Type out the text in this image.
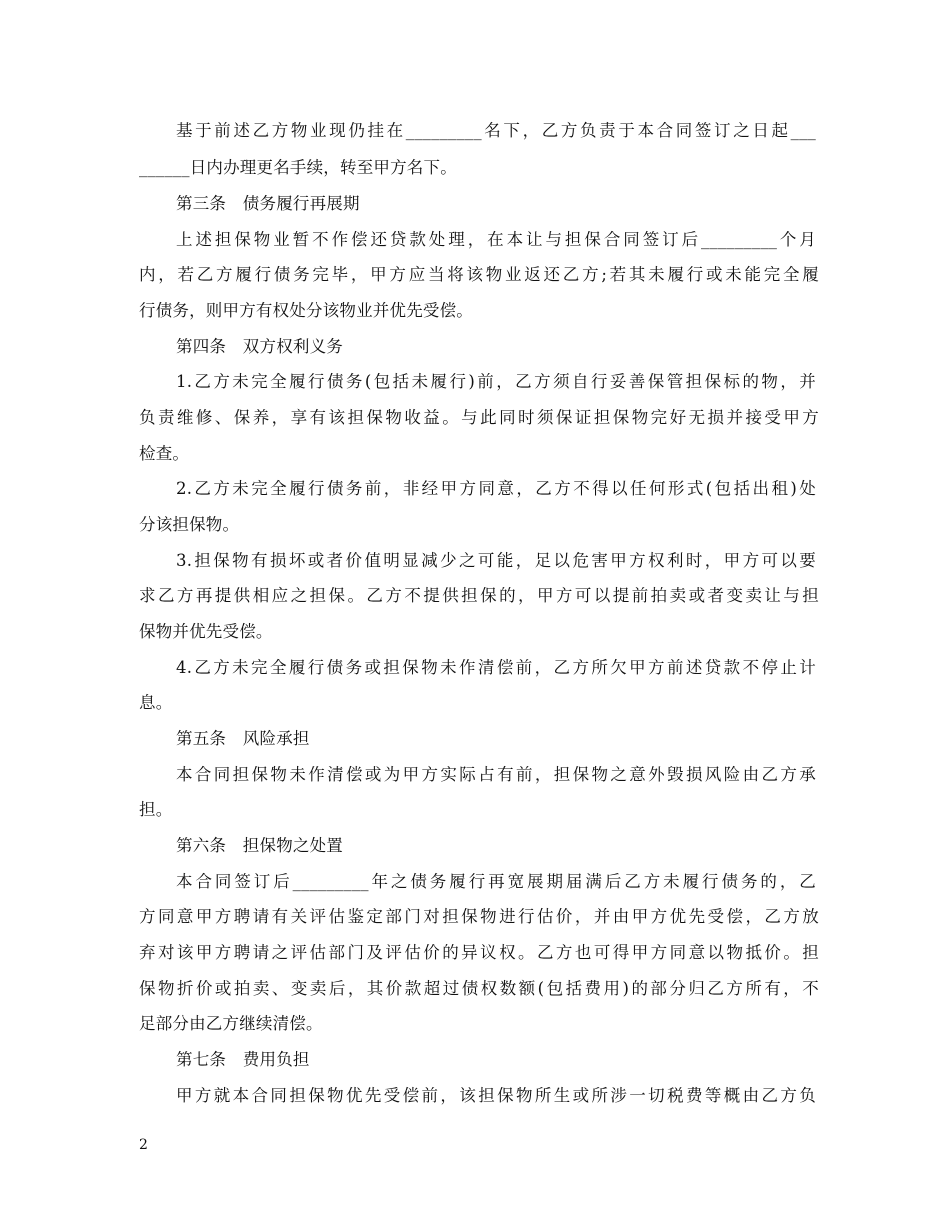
基于前述乙方物业现仍挂在_________名下，乙方负责于本合同签订之日起___
______日内办理更名手续，转至甲方名下。
第三条　债务履行再展期
上述担保物业暂不作偿还贷款处理，在本让与担保合同签订后_________个月
内，若乙方履行债务完毕，甲方应当将该物业返还乙方;若其未履行或未能完全履
行债务，则甲方有权处分该物业并优先受偿。
第四条　双方权利义务
1.乙方未完全履行债务(包括未履行)前，乙方须自行妥善保管担保标的物，并
负责维修、保养，享有该担保物收益。与此同时须保证担保物完好无损并接受甲方
检查。
2.乙方未完全履行债务前，非经甲方同意，乙方不得以任何形式(包括出租)处
分该担保物。
3.担保物有损坏或者价值明显减少之可能，足以危害甲方权利时，甲方可以要
求乙方再提供相应之担保。乙方不提供担保的，甲方可以提前拍卖或者变卖让与担
保物并优先受偿。
4.乙方未完全履行债务或担保物未作清偿前，乙方所欠甲方前述贷款不停止计
息。
第五条　风险承担
本合同担保物未作清偿或为甲方实际占有前，担保物之意外毁损风险由乙方承
担。
第六条　担保物之处置
本合同签订后_________年之债务履行再宽展期届满后乙方未履行债务的，乙
方同意甲方聘请有关评估鉴定部门对担保物进行估价，并由甲方优先受偿，乙方放
弃对该甲方聘请之评估部门及评估价的异议权。乙方也可得甲方同意以物抵价。担
保物折价或拍卖、变卖后，其价款超过债权数额(包括费用)的部分归乙方所有，不
足部分由乙方继续清偿。
第七条　费用负担
甲方就本合同担保物优先受偿前，该担保物所生或所涉一切税费等概由乙方负
2
